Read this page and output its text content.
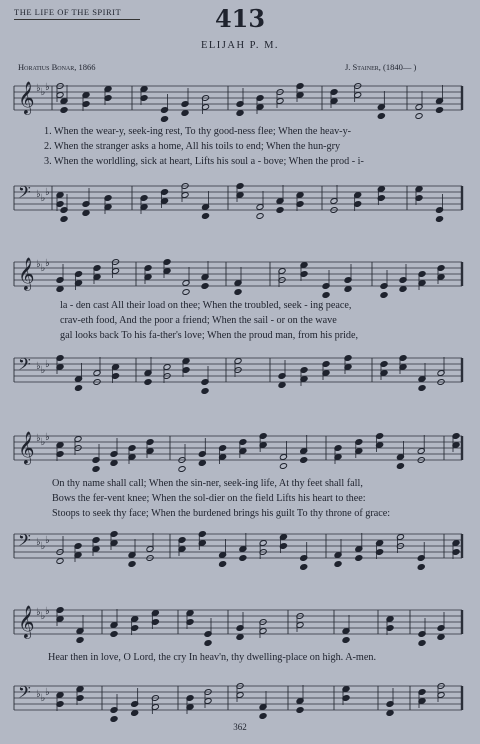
THE LIFE OF THE SPIRIT	413
ELIJAH P. M.
Horatius Bonar, 1866	J. Stainer, (1840— )
𝄞 ♭ ♭ ♭
1. When the wear-y, seek-ing rest, To thy good-ness flee; When the heav-y-
2. When the stranger asks a home, All his toils to end; When the hun-gry
3. When the worldling, sick at heart, Lifts his soul a - bove; When the prod - i-
𝄢 ♭ ♭
♭
𝄞 ♭ ♭ ♭
la - den cast All their load on thee; When the troubled, seek - ing peace,
crav-eth food, And the poor a friend; When the sail - or on the wave
gal looks back To his fa-ther's love; When the proud man, from his pride,
𝄢 ♭ ♭
♭
𝄞 ♭ ♭ ♭
On thy name shall call; When the sin-ner, seek-ing life, At thy feet shall fall,
Bows the fer-vent knee; When the sol-dier on the field Lifts his heart to thee:
Stoops to seek thy face; When the burdened brings his guilt To thy throne of grace:
𝄢 ♭ ♭
♭
𝄞 ♭ ♭ ♭
Hear then in love, O Lord, the cry In heav'n, thy dwelling-place on high. A-men.
𝄢 ♭ ♭
♭
362
